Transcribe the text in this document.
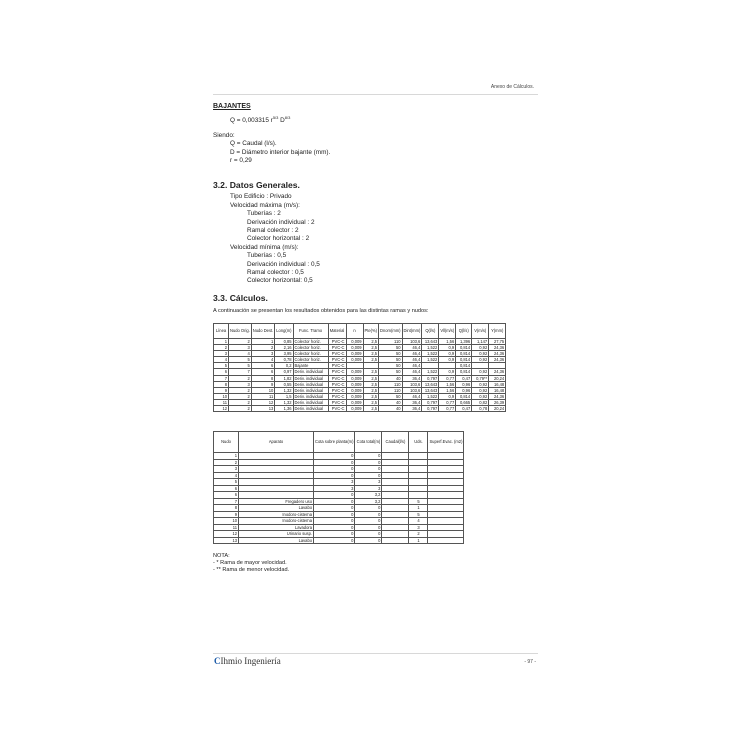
Anexo de Cálculos.
BAJANTES
Q = 0,003315 $r^{5/3}$ $D^{8/3}$
Siendo:
Q = Caudal (l/s).
D = Diámetro interior bajante (mm).
r = 0,29
3.2. Datos Generales.
Tipo Edificio : Privado
Velocidad máxima (m/s):
Tuberías : 2
Derivación individual : 2
Ramal colector : 2
Colector horizontal : 2
Velocidad mínima (m/s):
Tuberías : 0,5
Derivación individual : 0,5
Ramal colector : 0,5
Colector horizontal: 0,5
3.3. Cálculos.
A continuación se presentan los resultados obtenidos para las distintas ramas y nudos:
Línea	Nudo Orig.	Nudo Dest.	Long(m)	Func. Tramo	Material	n	Pte(%)	Dnom(mm)	Dint(mm)	Q(l/s)	Vll(m/s)	Q(l/s)	V(m/s)	Y(mm)
1	2	1	0,85	Colector horiz.	PVC-C	0,009	2,5	110	103,6	13,643	1,56	1,396	1,147	27,75
2	3	2	2,16	Colector horiz.	PVC-C	0,009	2,5	50	46,4	1,522	0,9	0,814	0,92	24,36
3	4	3	3,95	Colector horiz.	PVC-C	0,009	2,5	50	46,4	1,522	0,9	0,814	0,92	24,36
4	5	4	0,78	Colector horiz.	PVC-C	0,009	2,5	50	46,4	1,522	0,9	0,814	0,92	24,36
5	5	6	0,2	Bajante	PVC-C			50	46,4			0,814		
6	7	6	0,97	Deriv. individual	PVC-C	0,009	2,5	50	46,4	1,522	0,9	0,814	0,92	24,36
7	2	8	1,82	Deriv. individual	PVC-C	0,009	2,5	40	36,4	0,797	0,77	0,47	0,79**	20,24
8	3	9	0,55	Deriv. individual	PVC-C	0,009	2,5	110	103,6	13,643	1,56	0,96	0,92	16,48
9	2	10	1,32	Deriv. individual	PVC-C	0,009	2,5	110	103,6	13,643	1,56	0,96	0,92	16,48
10	2	11	1,5	Deriv. individual	PVC-C	0,009	2,5	50	46,4	1,522	0,9	0,814	0,92	24,36
11	2	12	1,32	Deriv. individual	PVC-C	0,009	2,5	40	36,4	0,797	0,77	0,665	0,82	26,39
12	2	13	1,36	Deriv. individual	PVC-C	0,009	2,5	40	36,4	0,797	0,77	0,47	0,78	20,24
Nudo	Aparato	Cota sobre planta(m)	Cota total(m)	Caudal(l/s)	Uds.	Superf.Evac. (m2)
1		0	0			
2		0	0			
3		0	0			
4		0	0			
5		3	3			
6		3	3			
6		0	3,2			
7	Fregadero uso	0	3,2		5	
8	Lavabo	0	0		1	
9	Inodoro-cisterna	0	0		5	
10	Inodoro-cisterna	0	0		4	
11	Lavadora	0	0		3	
12	Urinario susp.	0	0		2	
13	Lavabo	0	0		1	
NOTA:
- * Rama de mayor velocidad.
- ** Rama de menor velocidad.
CIhmio Ingeniería	- 97 -
